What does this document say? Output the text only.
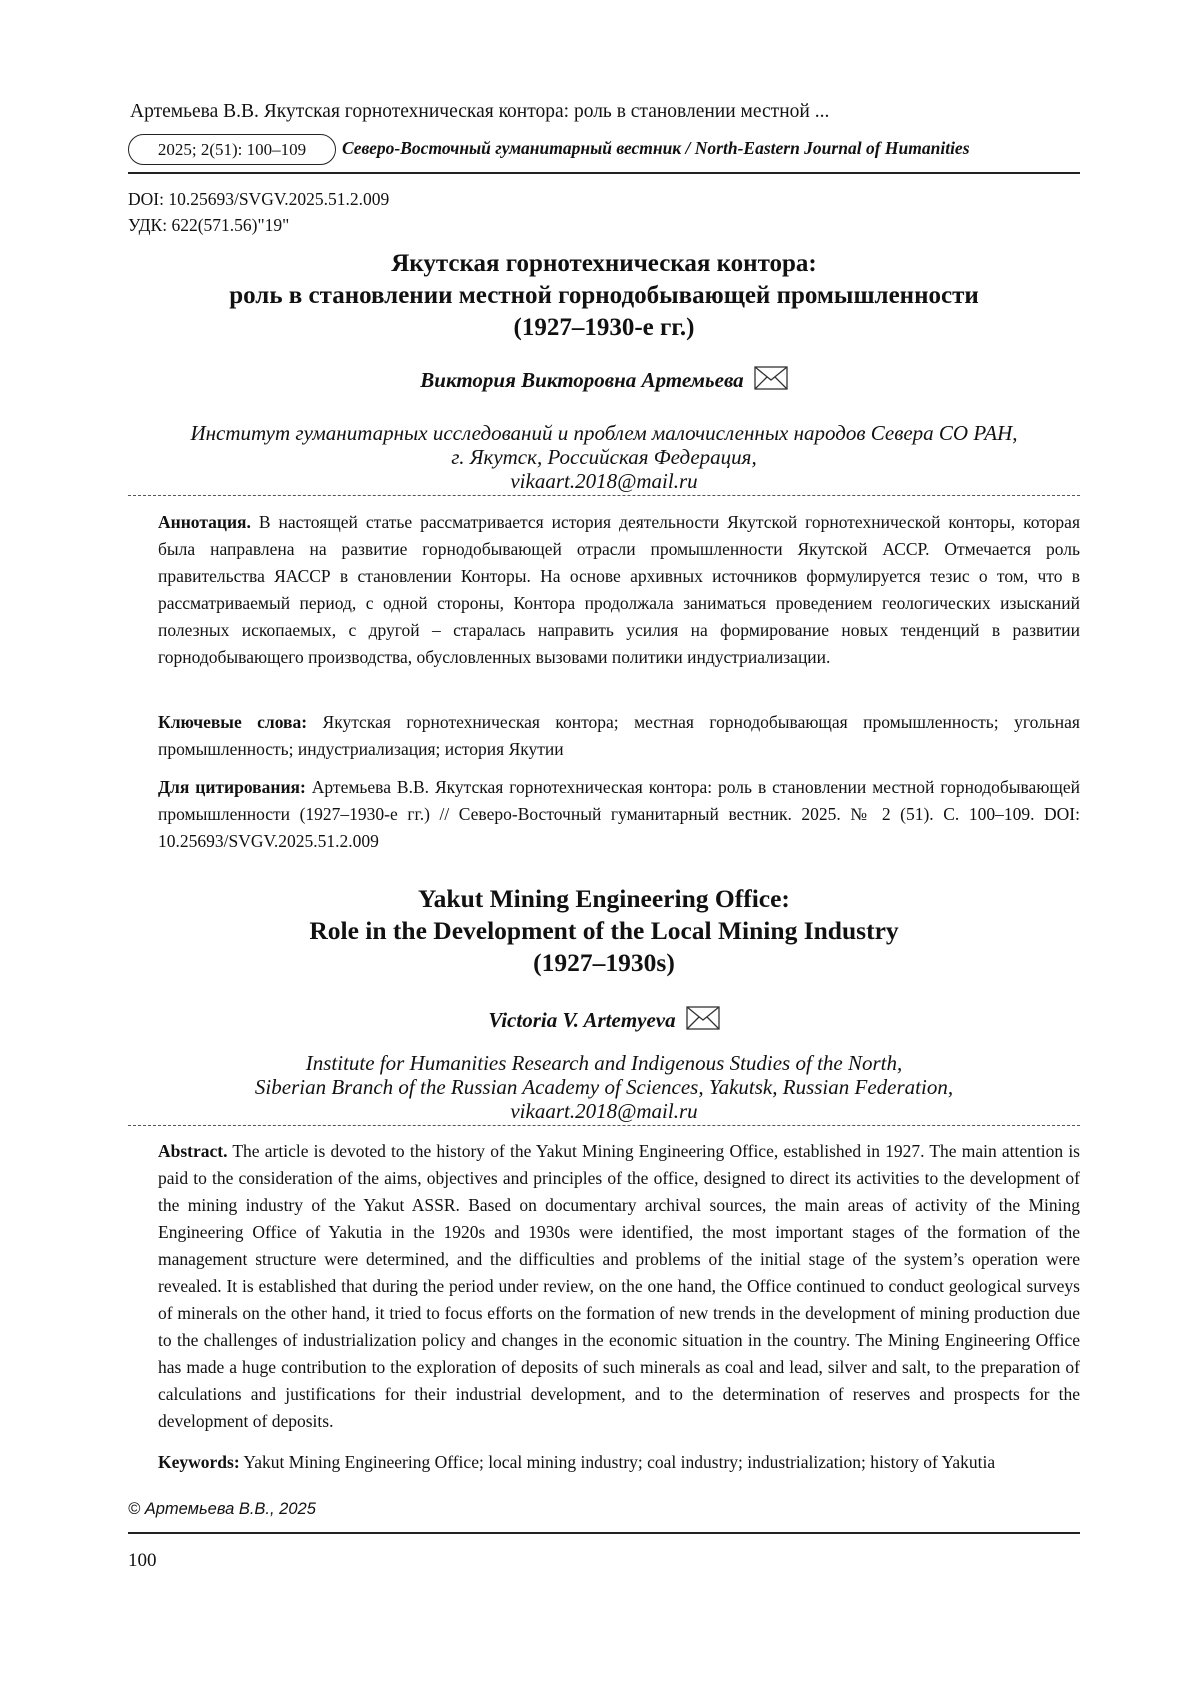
Артемьева В.В. Якутская горнотехническая контора: роль в становлении местной ...
2025; 2(51): 100–109	Северо-Восточный гуманитарный вестник / North-Eastern Journal of Humanities
DOI: 10.25693/SVGV.2025.51.2.009
УДК: 622(571.56)"19"
Якутская горнотехническая контора:
роль в становлении местной горнодобывающей промышленности
(1927–1930-е гг.)
Виктория Викторовна Артемьева
Институт гуманитарных исследований и проблем малочисленных народов Севера СО РАН,
г. Якутск, Российская Федерация,
vikaart.2018@mail.ru
Аннотация. В настоящей статье рассматривается история деятельности Якутской горнотехнической конторы, которая была направлена на развитие горнодобывающей отрасли промышленности Якутской АССР. Отмечается роль правительства ЯАССР в становлении Конторы. На основе архивных источников формулируется тезис о том, что в рассматриваемый период, с одной стороны, Контора продолжала заниматься проведением геологических изысканий полезных ископаемых, с другой – старалась направить усилия на формирование новых тенденций в развитии горнодобывающего производства, обусловленных вызовами политики индустриализации.
Ключевые слова: Якутская горнотехническая контора; местная горнодобывающая промышленность; угольная промышленность; индустриализация; история Якутии
Для цитирования: Артемьева В.В. Якутская горнотехническая контора: роль в становлении местной горнодобывающей промышленности (1927–1930-е гг.) // Северо-Восточный гуманитарный вестник. 2025. № 2 (51). С. 100–109. DOI: 10.25693/SVGV.2025.51.2.009
Yakut Mining Engineering Office:
Role in the Development of the Local Mining Industry
(1927–1930s)
Victoria V. Artemyeva
Institute for Humanities Research and Indigenous Studies of the North,
Siberian Branch of the Russian Academy of Sciences, Yakutsk, Russian Federation,
vikaart.2018@mail.ru
Abstract. The article is devoted to the history of the Yakut Mining Engineering Office, established in 1927. The main attention is paid to the consideration of the aims, objectives and principles of the office, designed to direct its activities to the development of the mining industry of the Yakut ASSR. Based on documentary archival sources, the main areas of activity of the Mining Engineering Office of Yakutia in the 1920s and 1930s were identified, the most important stages of the formation of the management structure were determined, and the difficulties and problems of the initial stage of the system’s operation were revealed. It is established that during the period under review, on the one hand, the Office continued to conduct geological surveys of minerals on the other hand, it tried to focus efforts on the formation of new trends in the development of mining production due to the challenges of industrialization policy and changes in the economic situation in the country. The Mining Engineering Office has made a huge contribution to the exploration of deposits of such minerals as coal and lead, silver and salt, to the preparation of calculations and justifications for their industrial development, and to the determination of reserves and prospects for the development of deposits.
Keywords: Yakut Mining Engineering Office; local mining industry; coal industry; industrialization; history of Yakutia
© Артемьева В.В., 2025
100
